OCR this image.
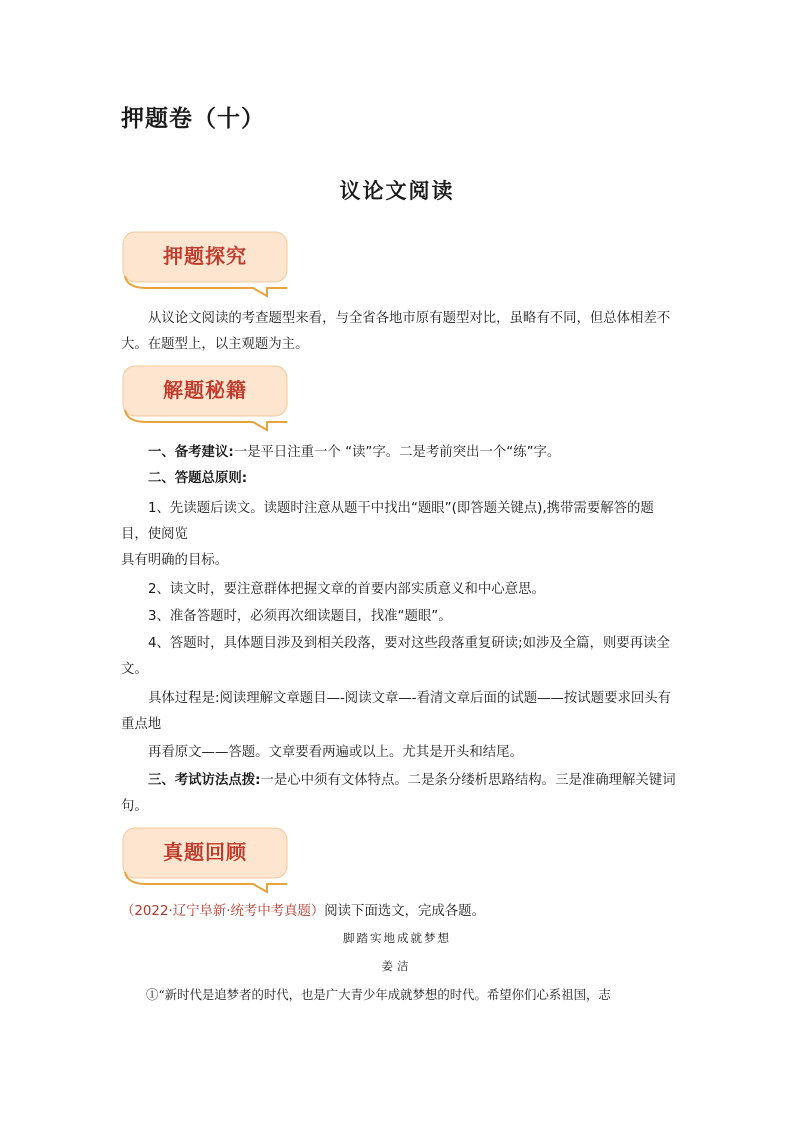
押题卷（十）
议论文阅读
押题探究

从议论文阅读的考查题型来看，与全省各地市原有题型对比，虽略有不同，但总体相差不大。在题型上，以主观题为主。

解题秘籍

一、备考建议:一是平日注重一个 “读”字。二是考前突出一个“练”字。

二、答题总原则:

1、先读题后读文。读题时注意从题干中找出“题眼”(即答题关键点),携带需要解答的题目，使阅览

具有明确的目标。

2、读文时，要注意群体把握文章的首要内部实质意义和中心意思。

3、准备答题时，必须再次细读题目，找准“题眼”。

4、答题时，具体题目涉及到相关段落，要对这些段落重复研读;如涉及全篇，则要再读全文。

具体过程是:阅读理解文章题目—-阅读文章—-看清文章后面的试题——按试题要求回头有重点地

再看原文——答题。文章要看两遍或以上。尤其是开头和结尾。

三、考试访法点拨:一是心中须有文体特点。二是条分缕析思路结构。三是准确理解关键词句。

真题回顾
（2022·辽宁阜新·统考中考真题）阅读下面选文，完成各题。
脚踏实地成就梦想
姜洁
①“新时代是追梦者的时代，也是广大青少年成就梦想的时代。希望你们心系祖国，志
